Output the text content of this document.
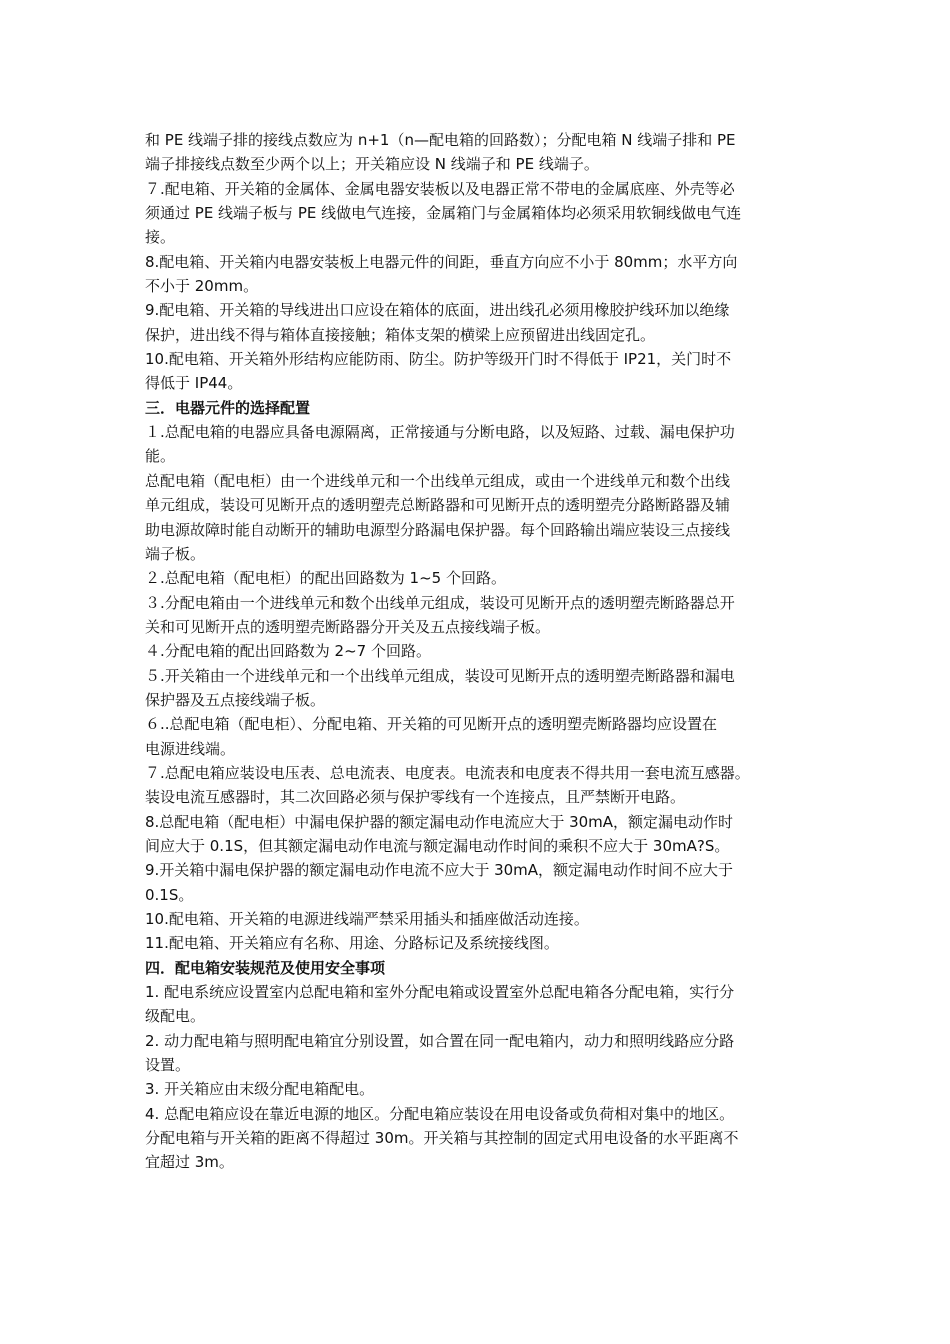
和 PE 线端子排的接线点数应为 n+1（n—配电箱的回路数）；分配电箱 N 线端子排和 PE
端子排接线点数至少两个以上；开关箱应设 N 线端子和 PE 线端子。
７.配电箱、开关箱的金属体、金属电器安装板以及电器正常不带电的金属底座、外壳等必
须通过 PE 线端子板与 PE 线做电气连接，金属箱门与金属箱体均必须采用软铜线做电气连
接。
8.配电箱、开关箱内电器安装板上电器元件的间距，垂直方向应不小于 80mm；水平方向
不小于 20mm。
9.配电箱、开关箱的导线进出口应设在箱体的底面，进出线孔必须用橡胶护线环加以绝缘
保护，进出线不得与箱体直接接触；箱体支架的横梁上应预留进出线固定孔。
10.配电箱、开关箱外形结构应能防雨、防尘。防护等级开门时不得低于 IP21，关门时不
得低于 IP44。
三．电器元件的选择配置
１.总配电箱的电器应具备电源隔离，正常接通与分断电路，以及短路、过载、漏电保护功
能。
总配电箱（配电柜）由一个进线单元和一个出线单元组成，或由一个进线单元和数个出线
单元组成，装设可见断开点的透明塑壳总断路器和可见断开点的透明塑壳分路断路器及辅
助电源故障时能自动断开的辅助电源型分路漏电保护器。每个回路输出端应装设三点接线
端子板。
２.总配电箱（配电柜）的配出回路数为 1~5 个回路。
３.分配电箱由一个进线单元和数个出线单元组成，装设可见断开点的透明塑壳断路器总开
关和可见断开点的透明塑壳断路器分开关及五点接线端子板。
４.分配电箱的配出回路数为 2~7 个回路。
５.开关箱由一个进线单元和一个出线单元组成，装设可见断开点的透明塑壳断路器和漏电
保护器及五点接线端子板。
６..总配电箱（配电柜）、分配电箱、开关箱的可见断开点的透明塑壳断路器均应设置在
电源进线端。
７.总配电箱应装设电压表、总电流表、电度表。电流表和电度表不得共用一套电流互感器。
装设电流互感器时，其二次回路必须与保护零线有一个连接点，且严禁断开电路。
8.总配电箱（配电柜）中漏电保护器的额定漏电动作电流应大于 30mA，额定漏电动作时
间应大于 0.1S，但其额定漏电动作电流与额定漏电动作时间的乘积不应大于 30mA?S。
9.开关箱中漏电保护器的额定漏电动作电流不应大于 30mA，额定漏电动作时间不应大于
0.1S。
10.配电箱、开关箱的电源进线端严禁采用插头和插座做活动连接。
11.配电箱、开关箱应有名称、用途、分路标记及系统接线图。
四．配电箱安装规范及使用安全事项
1. 配电系统应设置室内总配电箱和室外分配电箱或设置室外总配电箱各分配电箱，实行分
级配电。
2. 动力配电箱与照明配电箱宜分别设置，如合置在同一配电箱内，动力和照明线路应分路
设置。
3. 开关箱应由末级分配电箱配电。
4. 总配电箱应设在靠近电源的地区。分配电箱应装设在用电设备或负荷相对集中的地区。
分配电箱与开关箱的距离不得超过 30m。开关箱与其控制的固定式用电设备的水平距离不
宜超过 3m。
